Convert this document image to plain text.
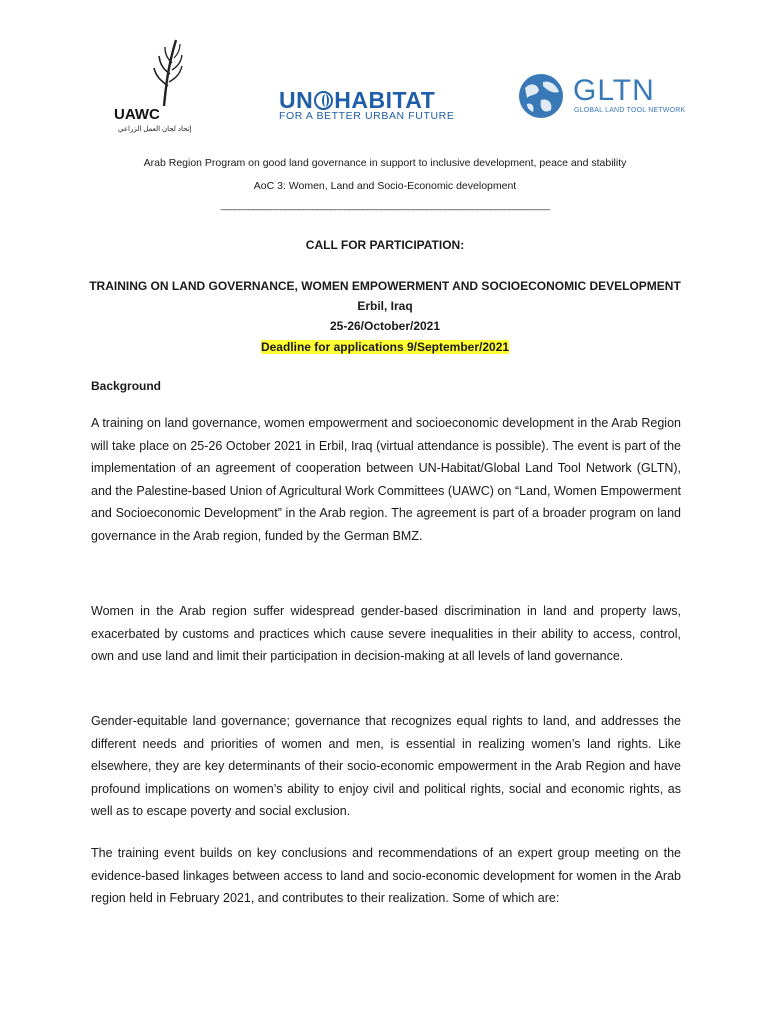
UAWC
إتحاد لجان العمل الزراعي
UN HABITAT
FOR A BETTER URBAN FUTURE
GLTN
GLOBAL LAND TOOL NETWORK
Arab Region Program on good land governance in support to inclusive development, peace and stability
AoC 3: Women, Land and Socio-Economic development
________________________________________________________________________
CALL FOR PARTICIPATION:
TRAINING ON LAND GOVERNANCE, WOMEN EMPOWERMENT AND SOCIOECONOMIC DEVELOPMENT
Erbil, Iraq
25-26/October/2021
Deadline for applications 9/September/2021
Background
A training on land governance, women empowerment and socioeconomic development in the Arab Region will take place on 25-26 October 2021 in Erbil, Iraq (virtual attendance is possible). The event is part of the implementation of an agreement of cooperation between UN-Habitat/Global Land Tool Network (GLTN), and the Palestine-based Union of Agricultural Work Committees (UAWC) on “Land, Women Empowerment and Socioeconomic Development” in the Arab region. The agreement is part of a broader program on land governance in the Arab region, funded by the German BMZ.
Women in the Arab region suffer widespread gender-based discrimination in land and property laws, exacerbated by customs and practices which cause severe inequalities in their ability to access, control, own and use land and limit their participation in decision-making at all levels of land governance.
Gender-equitable land governance; governance that recognizes equal rights to land, and addresses the different needs and priorities of women and men, is essential in realizing women’s land rights. Like elsewhere, they are key determinants of their socio-economic empowerment in the Arab Region and have profound implications on women’s ability to enjoy civil and political rights, social and economic rights, as well as to escape poverty and social exclusion.
The training event builds on key conclusions and recommendations of an expert group meeting on the evidence-based linkages between access to land and socio-economic development for women in the Arab region held in February 2021, and contributes to their realization. Some of which are:
